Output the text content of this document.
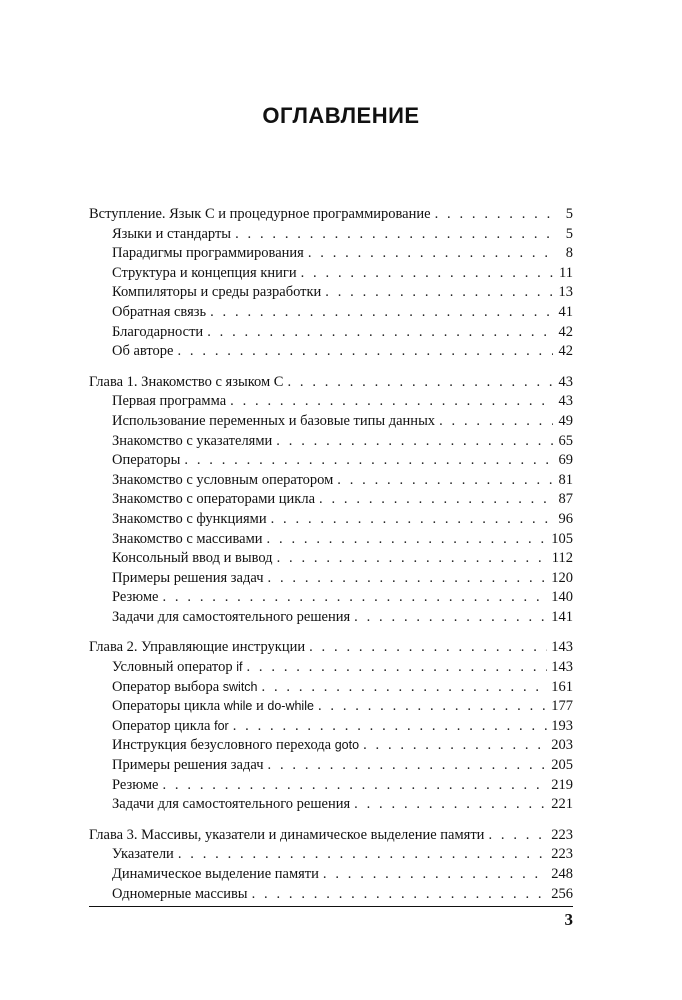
ОГЛАВЛЕНИЕ
Вступление. Язык С и процедурное программирование . . .	5
Языки и стандарты . . .	5
Парадигмы программирования . . .	8
Структура и концепция книги . . .	11
Компиляторы и среды разработки . . .	13
Обратная связь . . .	41
Благодарности . . .	42
Об авторе . . .	42
Глава 1. Знакомство с языком С . . .	43
Первая программа . . .	43
Использование переменных и базовые типы данных . . .	49
Знакомство с указателями . . .	65
Операторы . . .	69
Знакомство с условным оператором . . .	81
Знакомство с операторами цикла . . .	87
Знакомство с функциями . . .	96
Знакомство с массивами . . .	105
Консольный ввод и вывод . . .	112
Примеры решения задач . . .	120
Резюме . . .	140
Задачи для самостоятельного решения . . .	141
Глава 2. Управляющие инструкции . . .	143
Условный оператор if . . .	143
Оператор выбора switch . . .	161
Операторы цикла while и do-while . . .	177
Оператор цикла for . . .	193
Инструкция безусловного перехода goto . . .	203
Примеры решения задач . . .	205
Резюме . . .	219
Задачи для самостоятельного решения . . .	221
Глава 3. Массивы, указатели и динамическое выделение памяти . . .	223
Указатели . . .	223
Динамическое выделение памяти . . .	248
Одномерные массивы . . .	256
3
